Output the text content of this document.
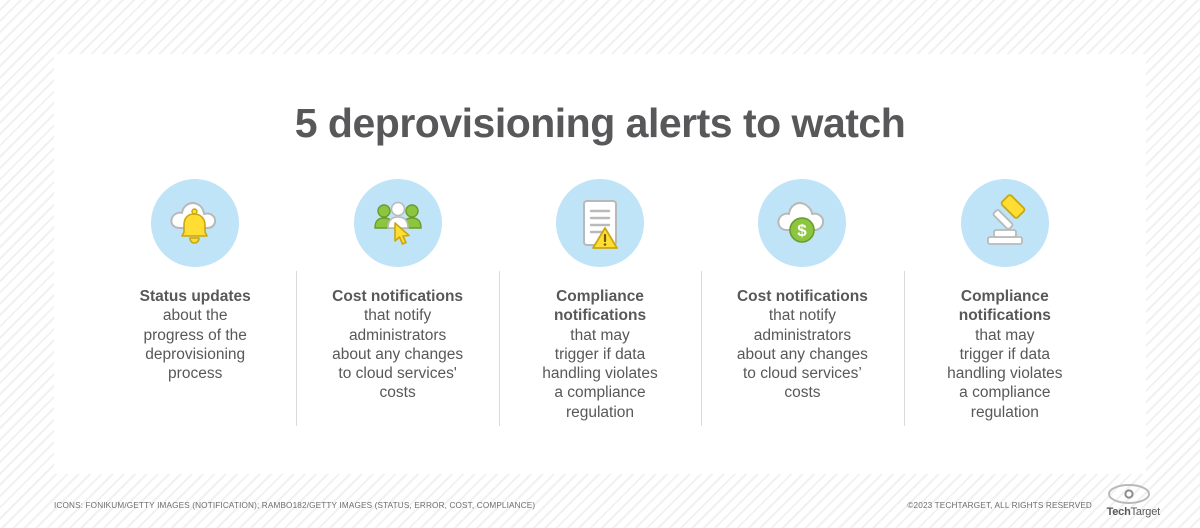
5 deprovisioning alerts to watch
Status updates
about the
progress of the
deprovisioning
process
Cost notifications
that notify
administrators
about any changes
to cloud services'
costs
Compliance
notifications
that may
trigger if data
handling violates
a compliance
regulation
$
Cost notifications
that notify
administrators
about any changes
to cloud services’
costs
Compliance
notifications
that may
trigger if data
handling violates
a compliance
regulation
ICONS: FONIKUM/GETTY IMAGES (NOTIFICATION); RAMBO182/GETTY IMAGES (STATUS, ERROR, COST, COMPLIANCE)	©2023 TECHTARGET, ALL RIGHTS RESERVED
TechTarget
